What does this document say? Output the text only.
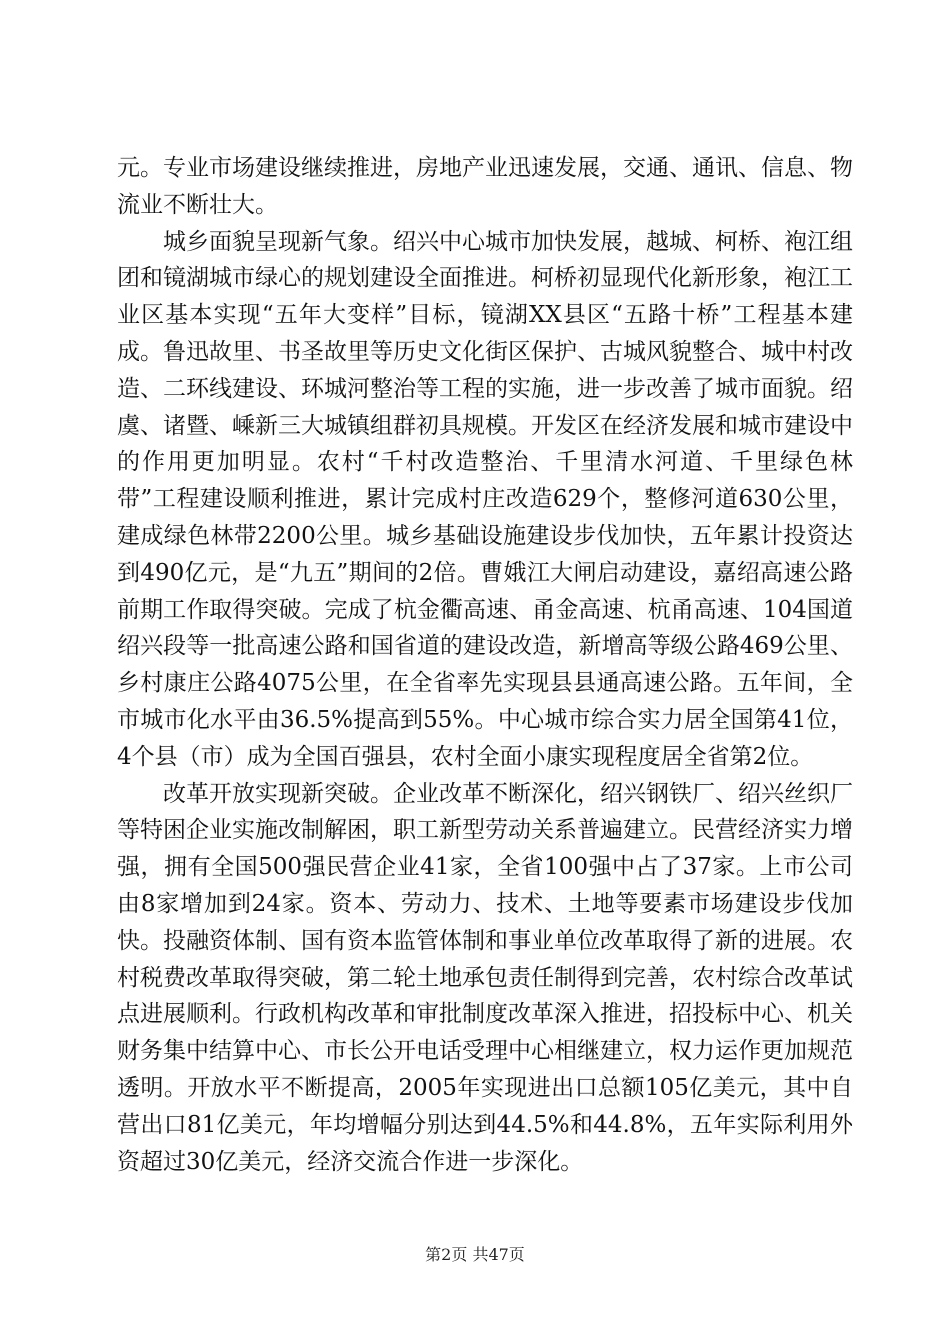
元。专业市场建设继续推进，房地产业迅速发展，交通、通讯、信息、物流业不断壮大。

城乡面貌呈现新气象。绍兴中心城市加快发展，越城、柯桥、袍江组团和镜湖城市绿心的规划建设全面推进。柯桥初显现代化新形象，袍江工业区基本实现“五年大变样”目标，镜湖XX县区“五路十桥”工程基本建成。鲁迅故里、书圣故里等历史文化街区保护、古城风貌整合、城中村改造、二环线建设、环城河整治等工程的实施，进一步改善了城市面貌。绍虞、诸暨、嵊新三大城镇组群初具规模。开发区在经济发展和城市建设中的作用更加明显。农村“千村改造整治、千里清水河道、千里绿色林带”工程建设顺利推进，累计完成村庄改造629个，整修河道630公里，建成绿色林带2200公里。城乡基础设施建设步伐加快，五年累计投资达到490亿元，是“九五”期间的2倍。曹娥江大闸启动建设，嘉绍高速公路前期工作取得突破。完成了杭金衢高速、甬金高速、杭甬高速、104国道绍兴段等一批高速公路和国省道的建设改造，新增高等级公路469公里、乡村康庄公路4075公里，在全省率先实现县县通高速公路。五年间，全市城市化水平由36.5%提高到55%。中心城市综合实力居全国第41位，4个县（市）成为全国百强县，农村全面小康实现程度居全省第2位。

改革开放实现新突破。企业改革不断深化，绍兴钢铁厂、绍兴丝织厂等特困企业实施改制解困，职工新型劳动关系普遍建立。民营经济实力增强，拥有全国500强民营企业41家，全省100强中占了37家。上市公司由8家增加到24家。资本、劳动力、技术、土地等要素市场建设步伐加快。投融资体制、国有资本监管体制和事业单位改革取得了新的进展。农村税费改革取得突破，第二轮土地承包责任制得到完善，农村综合改革试点进展顺利。行政机构改革和审批制度改革深入推进，招投标中心、机关财务集中结算中心、市长公开电话受理中心相继建立，权力运作更加规范透明。开放水平不断提高，2005年实现进出口总额105亿美元，其中自营出口81亿美元，年均增幅分别达到44.5%和44.8%，五年实际利用外资超过30亿美元，经济交流合作进一步深化。

第2页 共47页
